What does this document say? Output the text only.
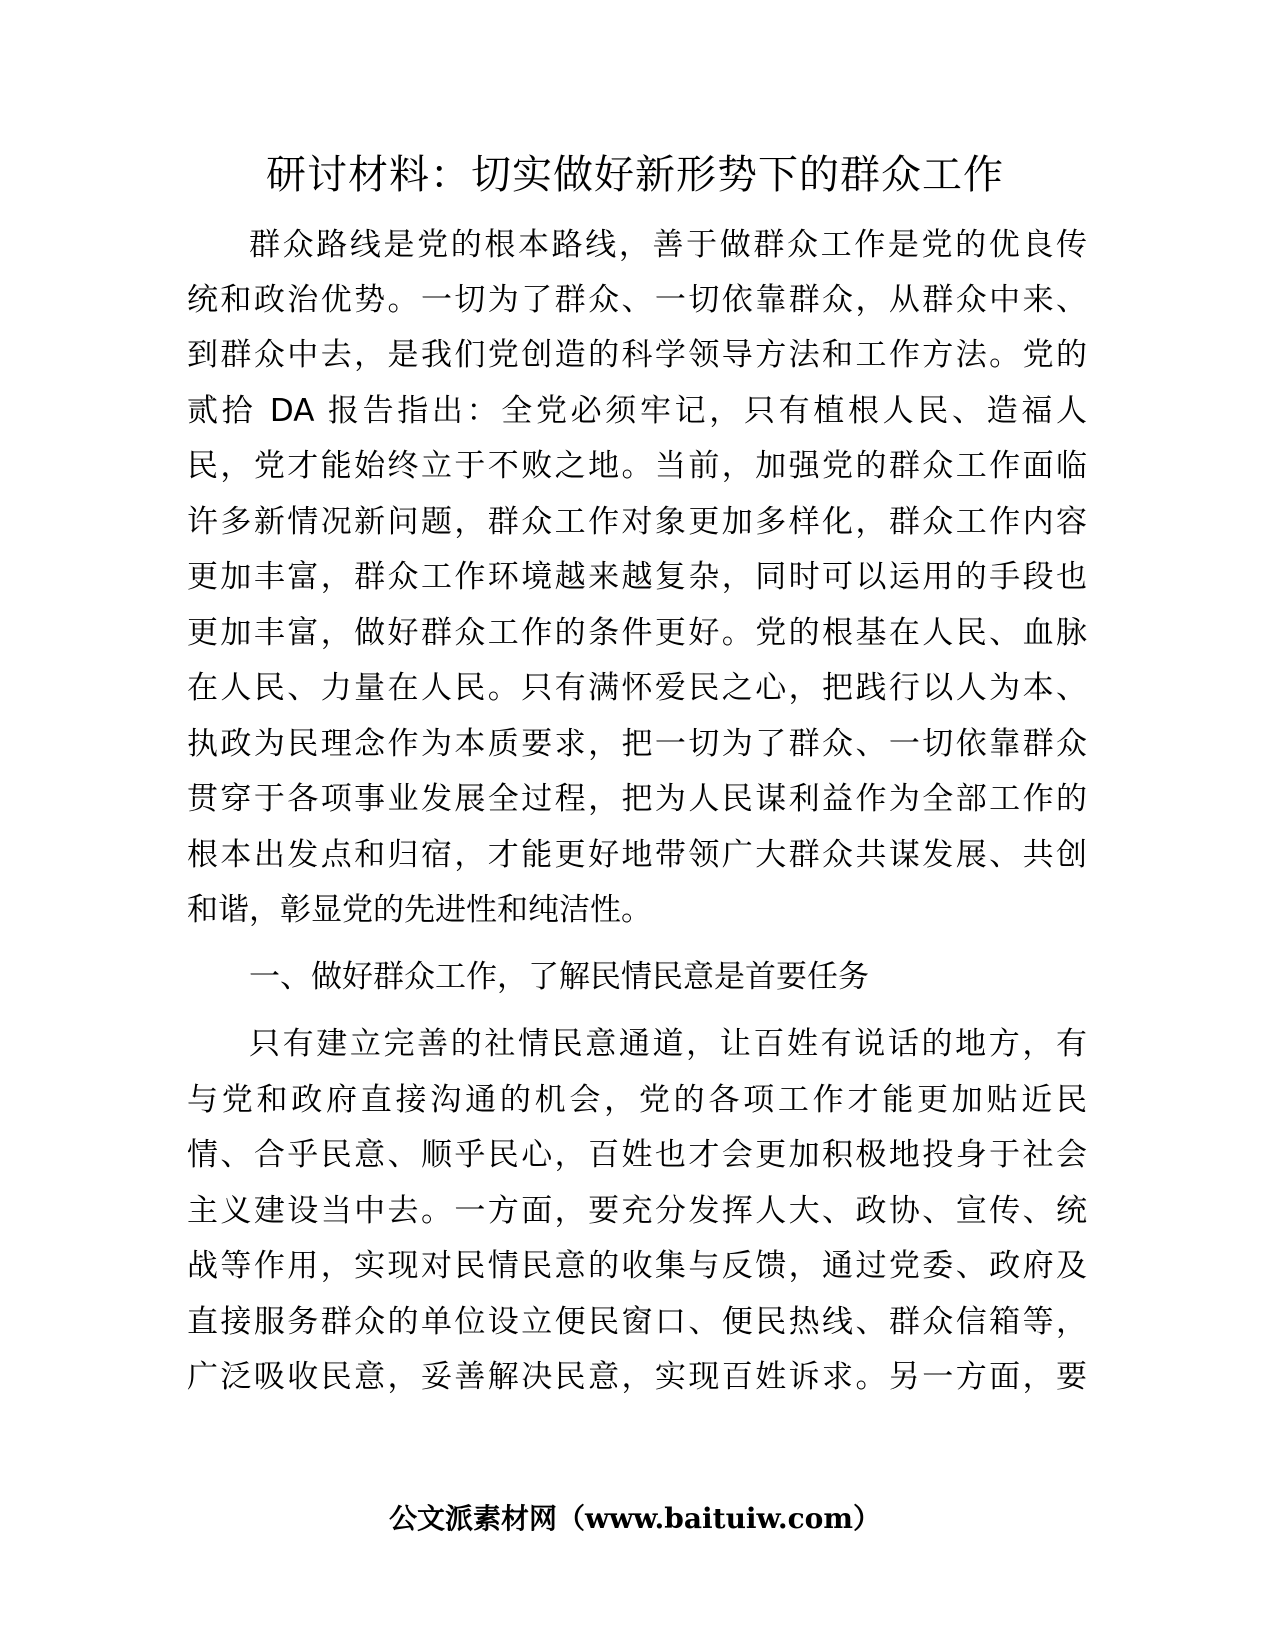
研讨材料：切实做好新形势下的群众工作
群众路线是党的根本路线，善于做群众工作是党的优良传
统和政治优势。一切为了群众、一切依靠群众，从群众中来、
到群众中去，是我们党创造的科学领导方法和工作方法。党的
贰拾 DA 报告指出：全党必须牢记，只有植根人民、造福人
民，党才能始终立于不败之地。当前，加强党的群众工作面临
许多新情况新问题，群众工作对象更加多样化，群众工作内容
更加丰富，群众工作环境越来越复杂，同时可以运用的手段也
更加丰富，做好群众工作的条件更好。党的根基在人民、血脉
在人民、力量在人民。只有满怀爱民之心，把践行以人为本、
执政为民理念作为本质要求，把一切为了群众、一切依靠群众
贯穿于各项事业发展全过程，把为人民谋利益作为全部工作的
根本出发点和归宿，才能更好地带领广大群众共谋发展、共创
和谐，彰显党的先进性和纯洁性。
一、做好群众工作，了解民情民意是首要任务
只有建立完善的社情民意通道，让百姓有说话的地方，有
与党和政府直接沟通的机会，党的各项工作才能更加贴近民
情、合乎民意、顺乎民心，百姓也才会更加积极地投身于社会
主义建设当中去。一方面，要充分发挥人大、政协、宣传、统
战等作用，实现对民情民意的收集与反馈，通过党委、政府及
直接服务群众的单位设立便民窗口、便民热线、群众信箱等，
广泛吸收民意，妥善解决民意，实现百姓诉求。另一方面，要
公文派素材网（www.baituiw.com）
